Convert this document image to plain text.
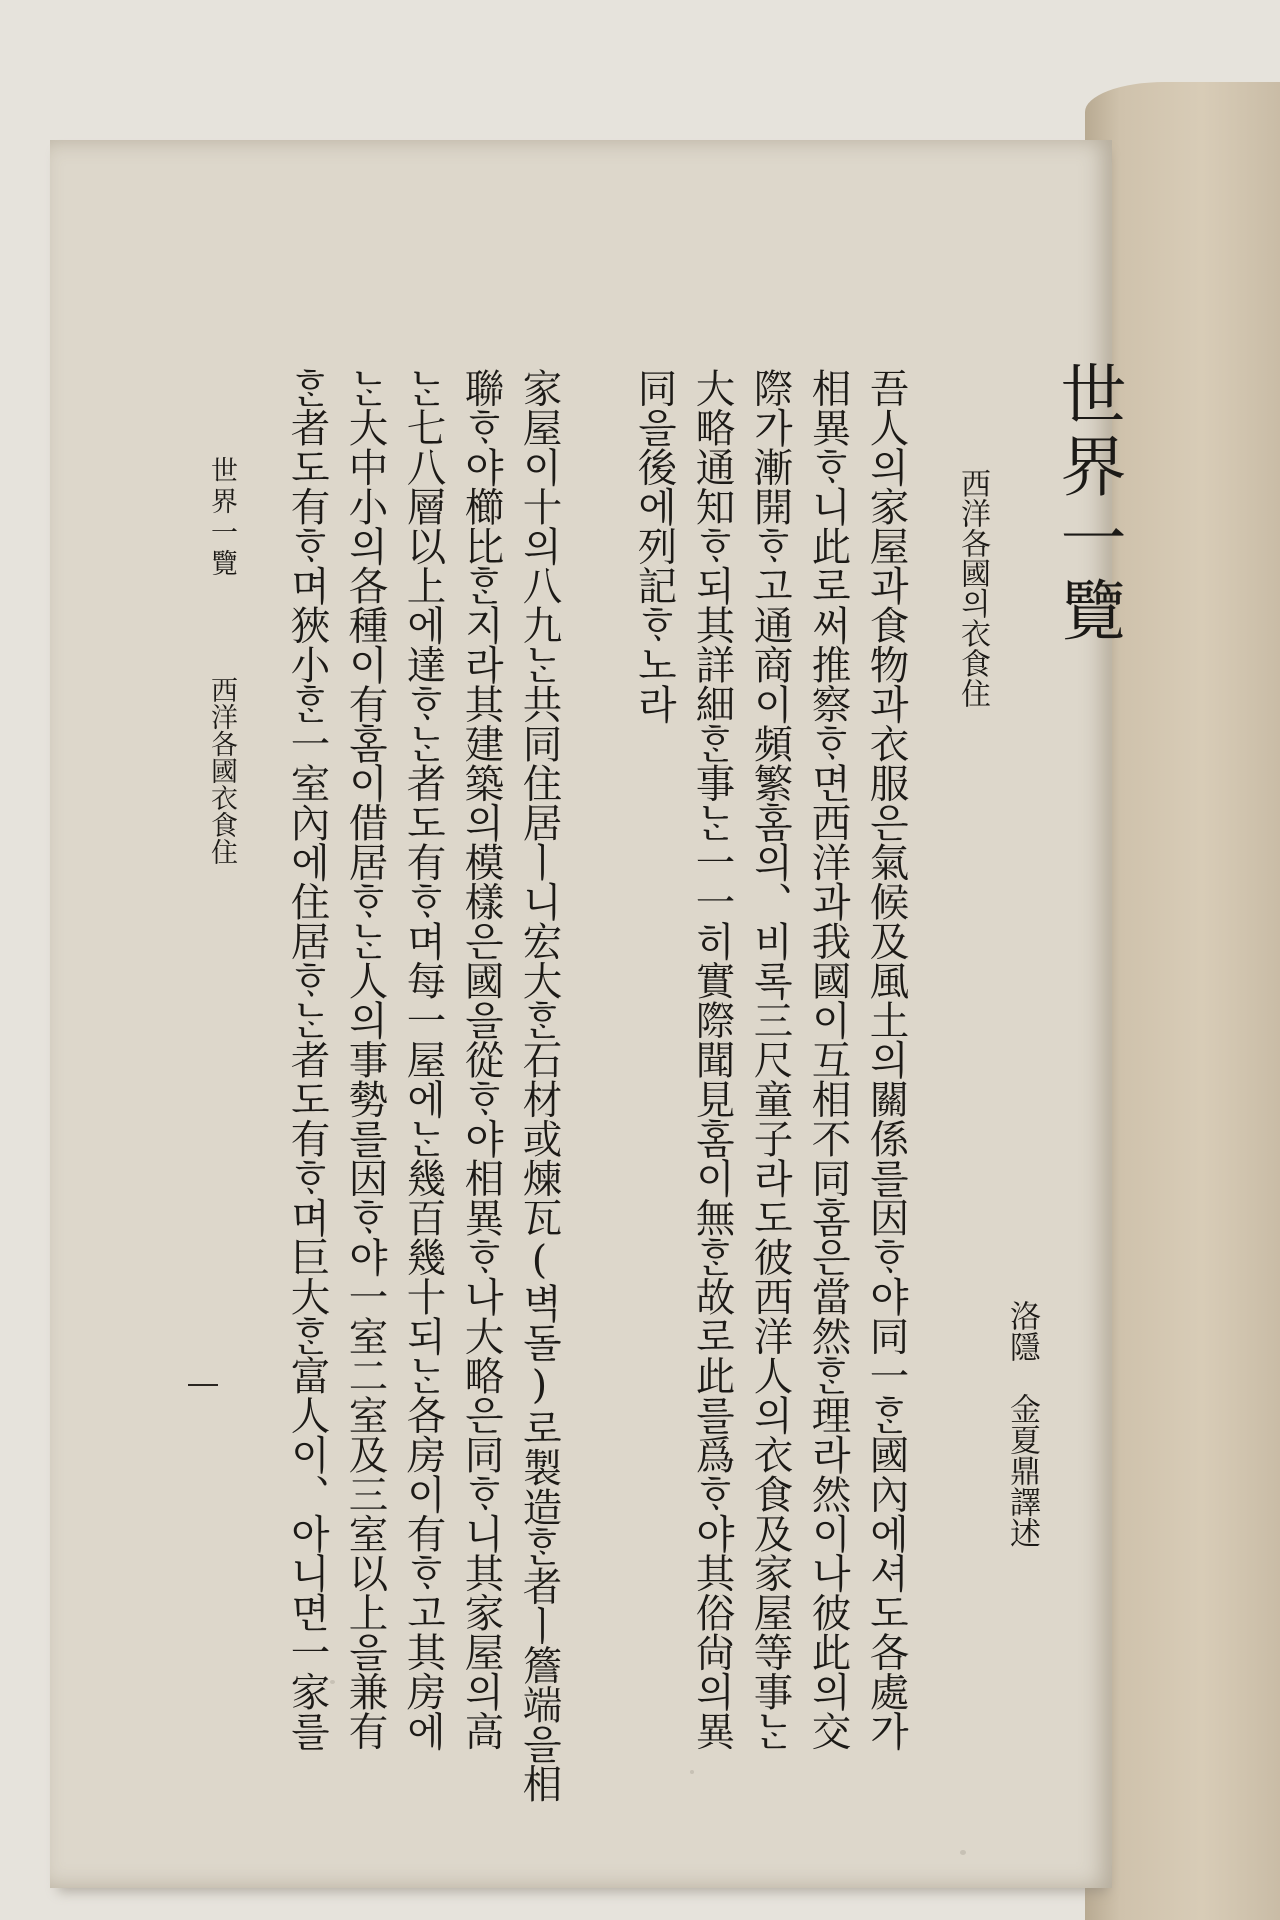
世界一覽
西洋各國의衣食住
洛隱　金夏鼎譯述
吾人의家屋과食物과衣服은氣候及風土의關係를因ᄒᆞ야同一ᄒᆞᆫ國內에셔도各處가
相異ᄒᆞ니此로써推察ᄒᆞ면西洋과我國이互相不同홈은當然ᄒᆞᆫ理라然이나彼此의交
際가漸開ᄒᆞ고通商이頻繁홈의、비록三尺童子라도彼西洋人의衣食及家屋等事ᄂᆞᆫ
大略通知ᄒᆞ되其詳細ᄒᆞᆫ事ᄂᆞᆫ一一히實際聞見홈이無ᄒᆞᆫ故로此를爲ᄒᆞ야其俗尙의異
同을後에列記ᄒᆞ노라
家屋이十의八九ᄂᆞᆫ共同住居ㅣ니宏大ᄒᆞᆫ石材或煉瓦(벽돌)로製造ᄒᆞᆫ者ㅣ簷端을相
聯ᄒᆞ야櫛比ᄒᆞᆫ지라其建築의模樣은國을從ᄒᆞ야相異ᄒᆞ나大略은同ᄒᆞ니其家屋의高
ᄂᆞᆫ七八層以上에達ᄒᆞᄂᆞᆫ者도有ᄒᆞ며每一屋에ᄂᆞᆫ幾百幾十되ᄂᆞᆫ各房이有ᄒᆞ고其房에
ᄂᆞᆫ大中小의各種이有홈이借居ᄒᆞᄂᆞᆫ人의事勢를因ᄒᆞ야一室二室及三室以上을兼有
ᄒᆞᆫ者도有ᄒᆞ며狹小ᄒᆞᆫ一室內에住居ᄒᆞᄂᆞᆫ者도有ᄒᆞ며巨大ᄒᆞᆫ富人이、아니면一家를
世界一覽
西洋各國衣食住
